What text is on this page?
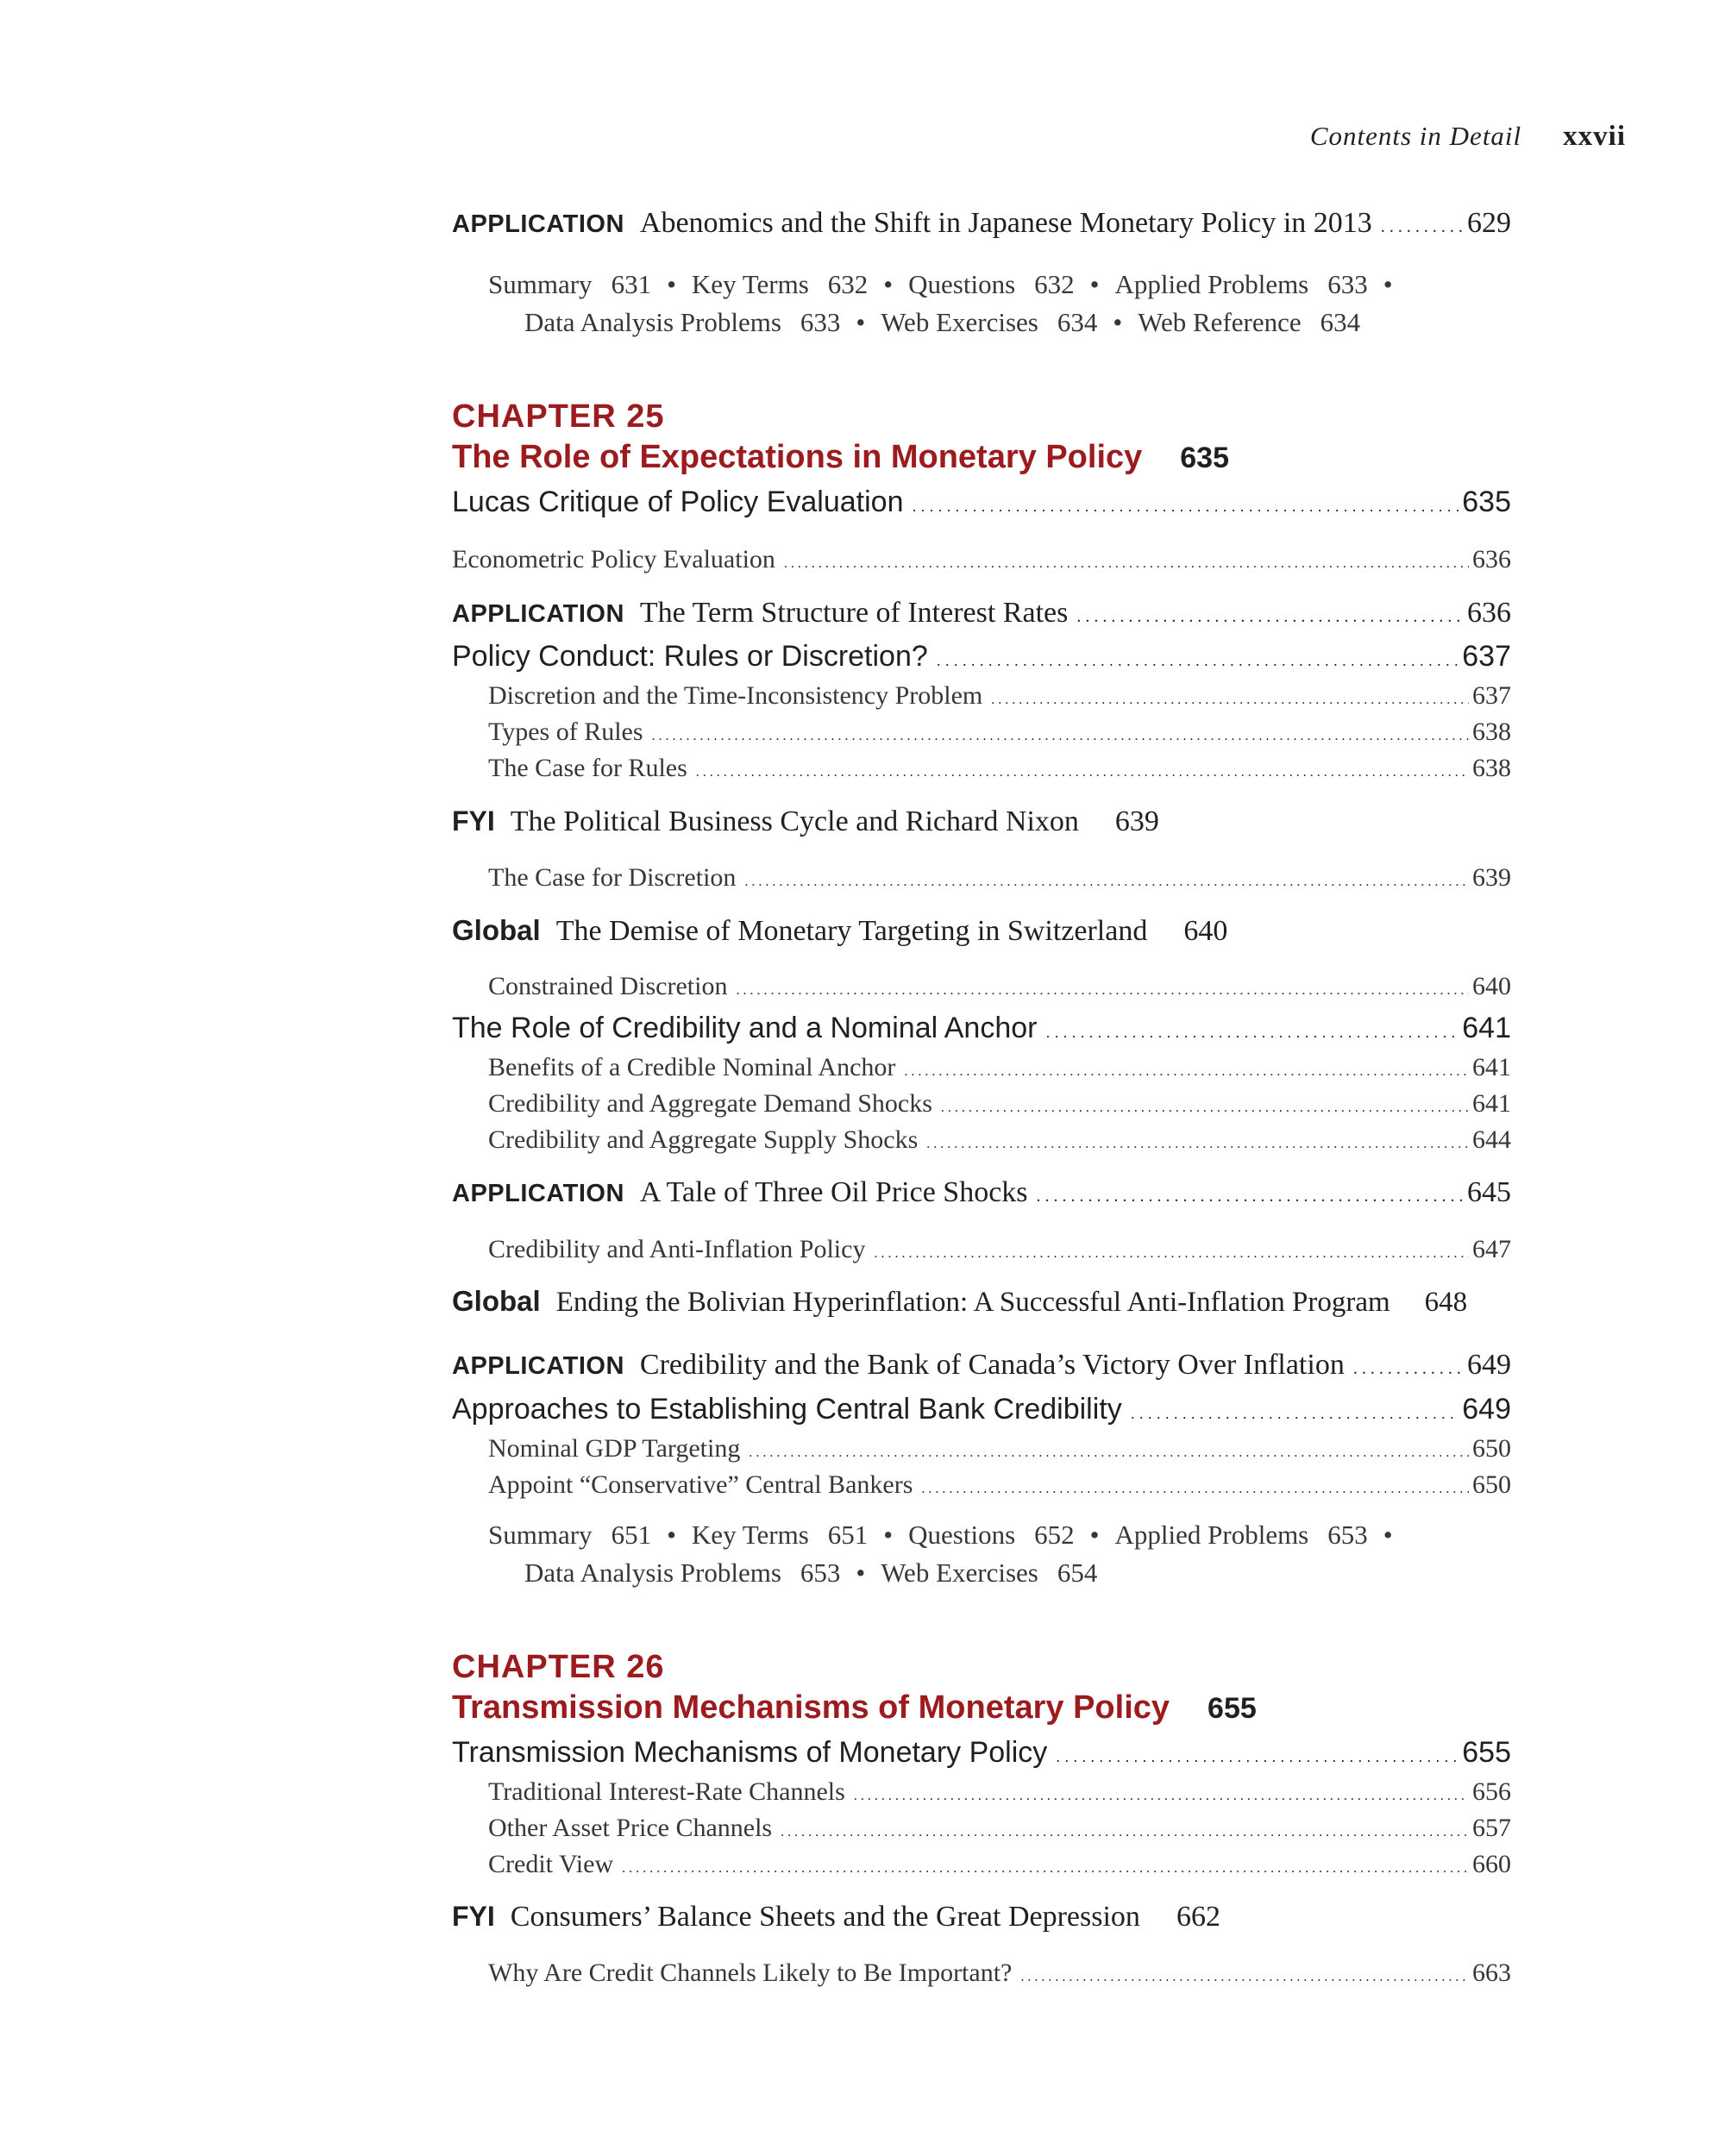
Contents in Detail xxvii
APPLICATION Abenomics and the Shift in Japanese Monetary Policy in 2013 . . .	629
Summary 631 • Key Terms 632 • Questions 632 • Applied Problems 633 •
Data Analysis Problems 633 • Web Exercises 634 • Web Reference 634
CHAPTER 25
The Role of Expectations in Monetary Policy 635
Lucas Critique of Policy Evaluation . . .	635
Econometric Policy Evaluation . . .	636
APPLICATION The Term Structure of Interest Rates . . .	636
Policy Conduct: Rules or Discretion? . . .	637
Discretion and the Time-Inconsistency Problem . . .	637
Types of Rules . . .	638
The Case for Rules . . .	638
FYI The Political Business Cycle and Richard Nixon 639
The Case for Discretion . . .	639
Global The Demise of Monetary Targeting in Switzerland 640
Constrained Discretion . . .	640
The Role of Credibility and a Nominal Anchor . . .	641
Benefits of a Credible Nominal Anchor . . .	641
Credibility and Aggregate Demand Shocks . . .	641
Credibility and Aggregate Supply Shocks . . .	644
APPLICATION A Tale of Three Oil Price Shocks . . .	645
Credibility and Anti-Inflation Policy . . .	647
Global Ending the Bolivian Hyperinflation: A Successful Anti-Inflation Program 648
APPLICATION Credibility and the Bank of Canada’s Victory Over Inflation . . .	649
Approaches to Establishing Central Bank Credibility . . .	649
Nominal GDP Targeting . . .	650
Appoint “Conservative” Central Bankers . . .	650
Summary 651 • Key Terms 651 • Questions 652 • Applied Problems 653 •
Data Analysis Problems 653 • Web Exercises 654
CHAPTER 26
Transmission Mechanisms of Monetary Policy 655
Transmission Mechanisms of Monetary Policy . . .	655
Traditional Interest-Rate Channels . . .	656
Other Asset Price Channels . . .	657
Credit View . . .	660
FYI Consumers’ Balance Sheets and the Great Depression 662
Why Are Credit Channels Likely to Be Important? . . .	663
